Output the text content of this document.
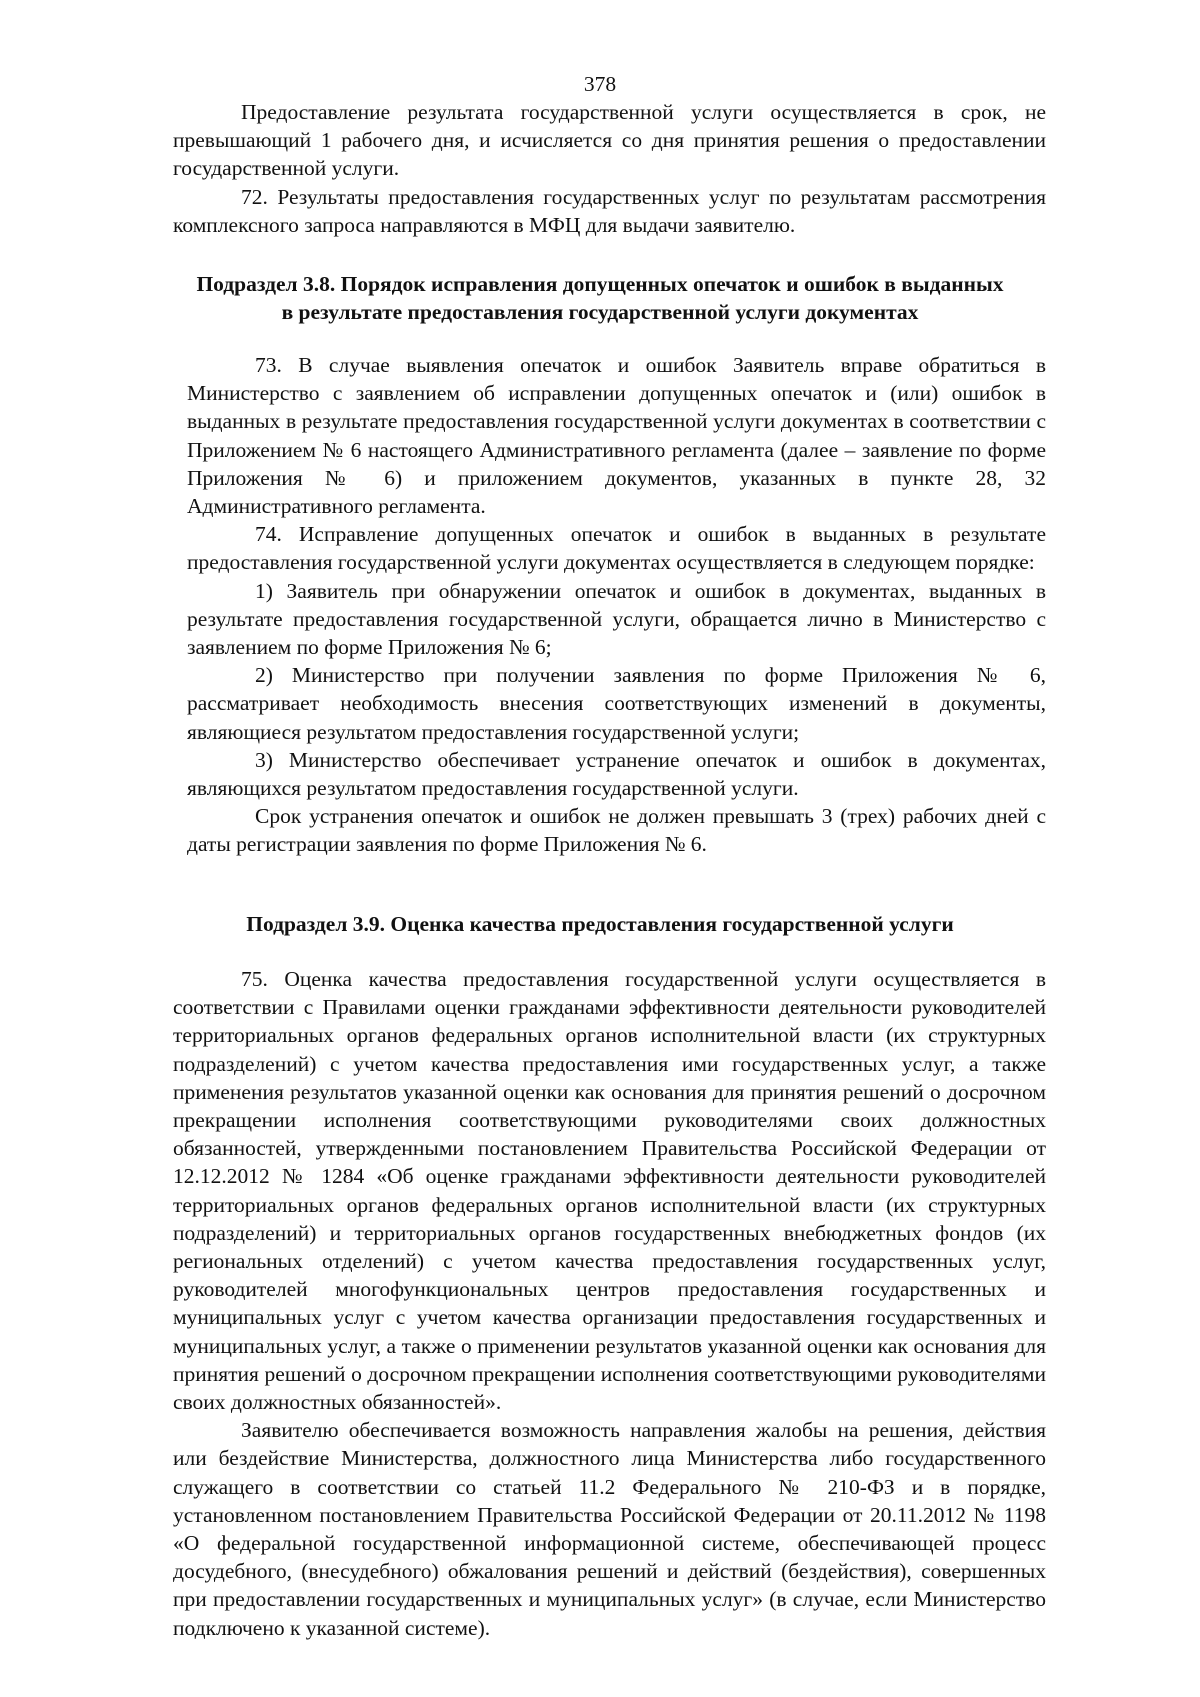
378

Предоставление результата государственной услуги осуществляется в срок, не превышающий 1 рабочего дня, и исчисляется со дня принятия решения о предоставлении государственной услуги.

72. Результаты предоставления государственных услуг по результатам рассмотрения комплексного запроса направляются в МФЦ для выдачи заявителю.

Подраздел 3.8. Порядок исправления допущенных опечаток и ошибок в выданных
в результате предоставления государственной услуги документах

73. В случае выявления опечаток и ошибок Заявитель вправе обратиться в Министерство с заявлением об исправлении допущенных опечаток и (или) ошибок в выданных в результате предоставления государственной услуги документах в соответствии с Приложением № 6 настоящего Административного регламента (далее – заявление по форме Приложения № 6) и приложением документов, указанных в пункте 28, 32 Административного регламента.

74. Исправление допущенных опечаток и ошибок в выданных в результате предоставления государственной услуги документах осуществляется в следующем порядке:

1) Заявитель при обнаружении опечаток и ошибок в документах, выданных в результате предоставления государственной услуги, обращается лично в Министерство с заявлением по форме Приложения № 6;

2) Министерство при получении заявления по форме Приложения № 6, рассматривает необходимость внесения соответствующих изменений в документы, являющиеся результатом предоставления государственной услуги;

3) Министерство обеспечивает устранение опечаток и ошибок в документах, являющихся результатом предоставления государственной услуги.

Срок устранения опечаток и ошибок не должен превышать 3 (трех) рабочих дней с даты регистрации заявления по форме Приложения № 6.

Подраздел 3.9. Оценка качества предоставления государственной услуги

75. Оценка качества предоставления государственной услуги осуществляется в соответствии с Правилами оценки гражданами эффективности деятельности руководителей территориальных органов федеральных органов исполнительной власти (их структурных подразделений) с учетом качества предоставления ими государственных услуг, а также применения результатов указанной оценки как основания для принятия решений о досрочном прекращении исполнения соответствующими руководителями своих должностных обязанностей, утвержденными постановлением Правительства Российской Федерации от 12.12.2012 № 1284 «Об оценке гражданами эффективности деятельности руководителей территориальных органов федеральных органов исполнительной власти (их структурных подразделений) и территориальных органов государственных внебюджетных фондов (их региональных отделений) с учетом качества предоставления государственных услуг, руководителей многофункциональных центров предоставления государственных и муниципальных услуг с учетом качества организации предоставления государственных и муниципальных услуг, а также о применении результатов указанной оценки как основания для принятия решений о досрочном прекращении исполнения соответствующими руководителями своих должностных обязанностей».

Заявителю обеспечивается возможность направления жалобы на решения, действия или бездействие Министерства, должностного лица Министерства либо государственного служащего в соответствии со статьей 11.2 Федерального № 210-ФЗ и в порядке, установленном постановлением Правительства Российской Федерации от 20.11.2012 № 1198 «О федеральной государственной информационной системе, обеспечивающей процесс досудебного, (внесудебного) обжалования решений и действий (бездействия), совершенных при предоставлении государственных и муниципальных услуг» (в случае, если Министерство подключено к указанной системе).
